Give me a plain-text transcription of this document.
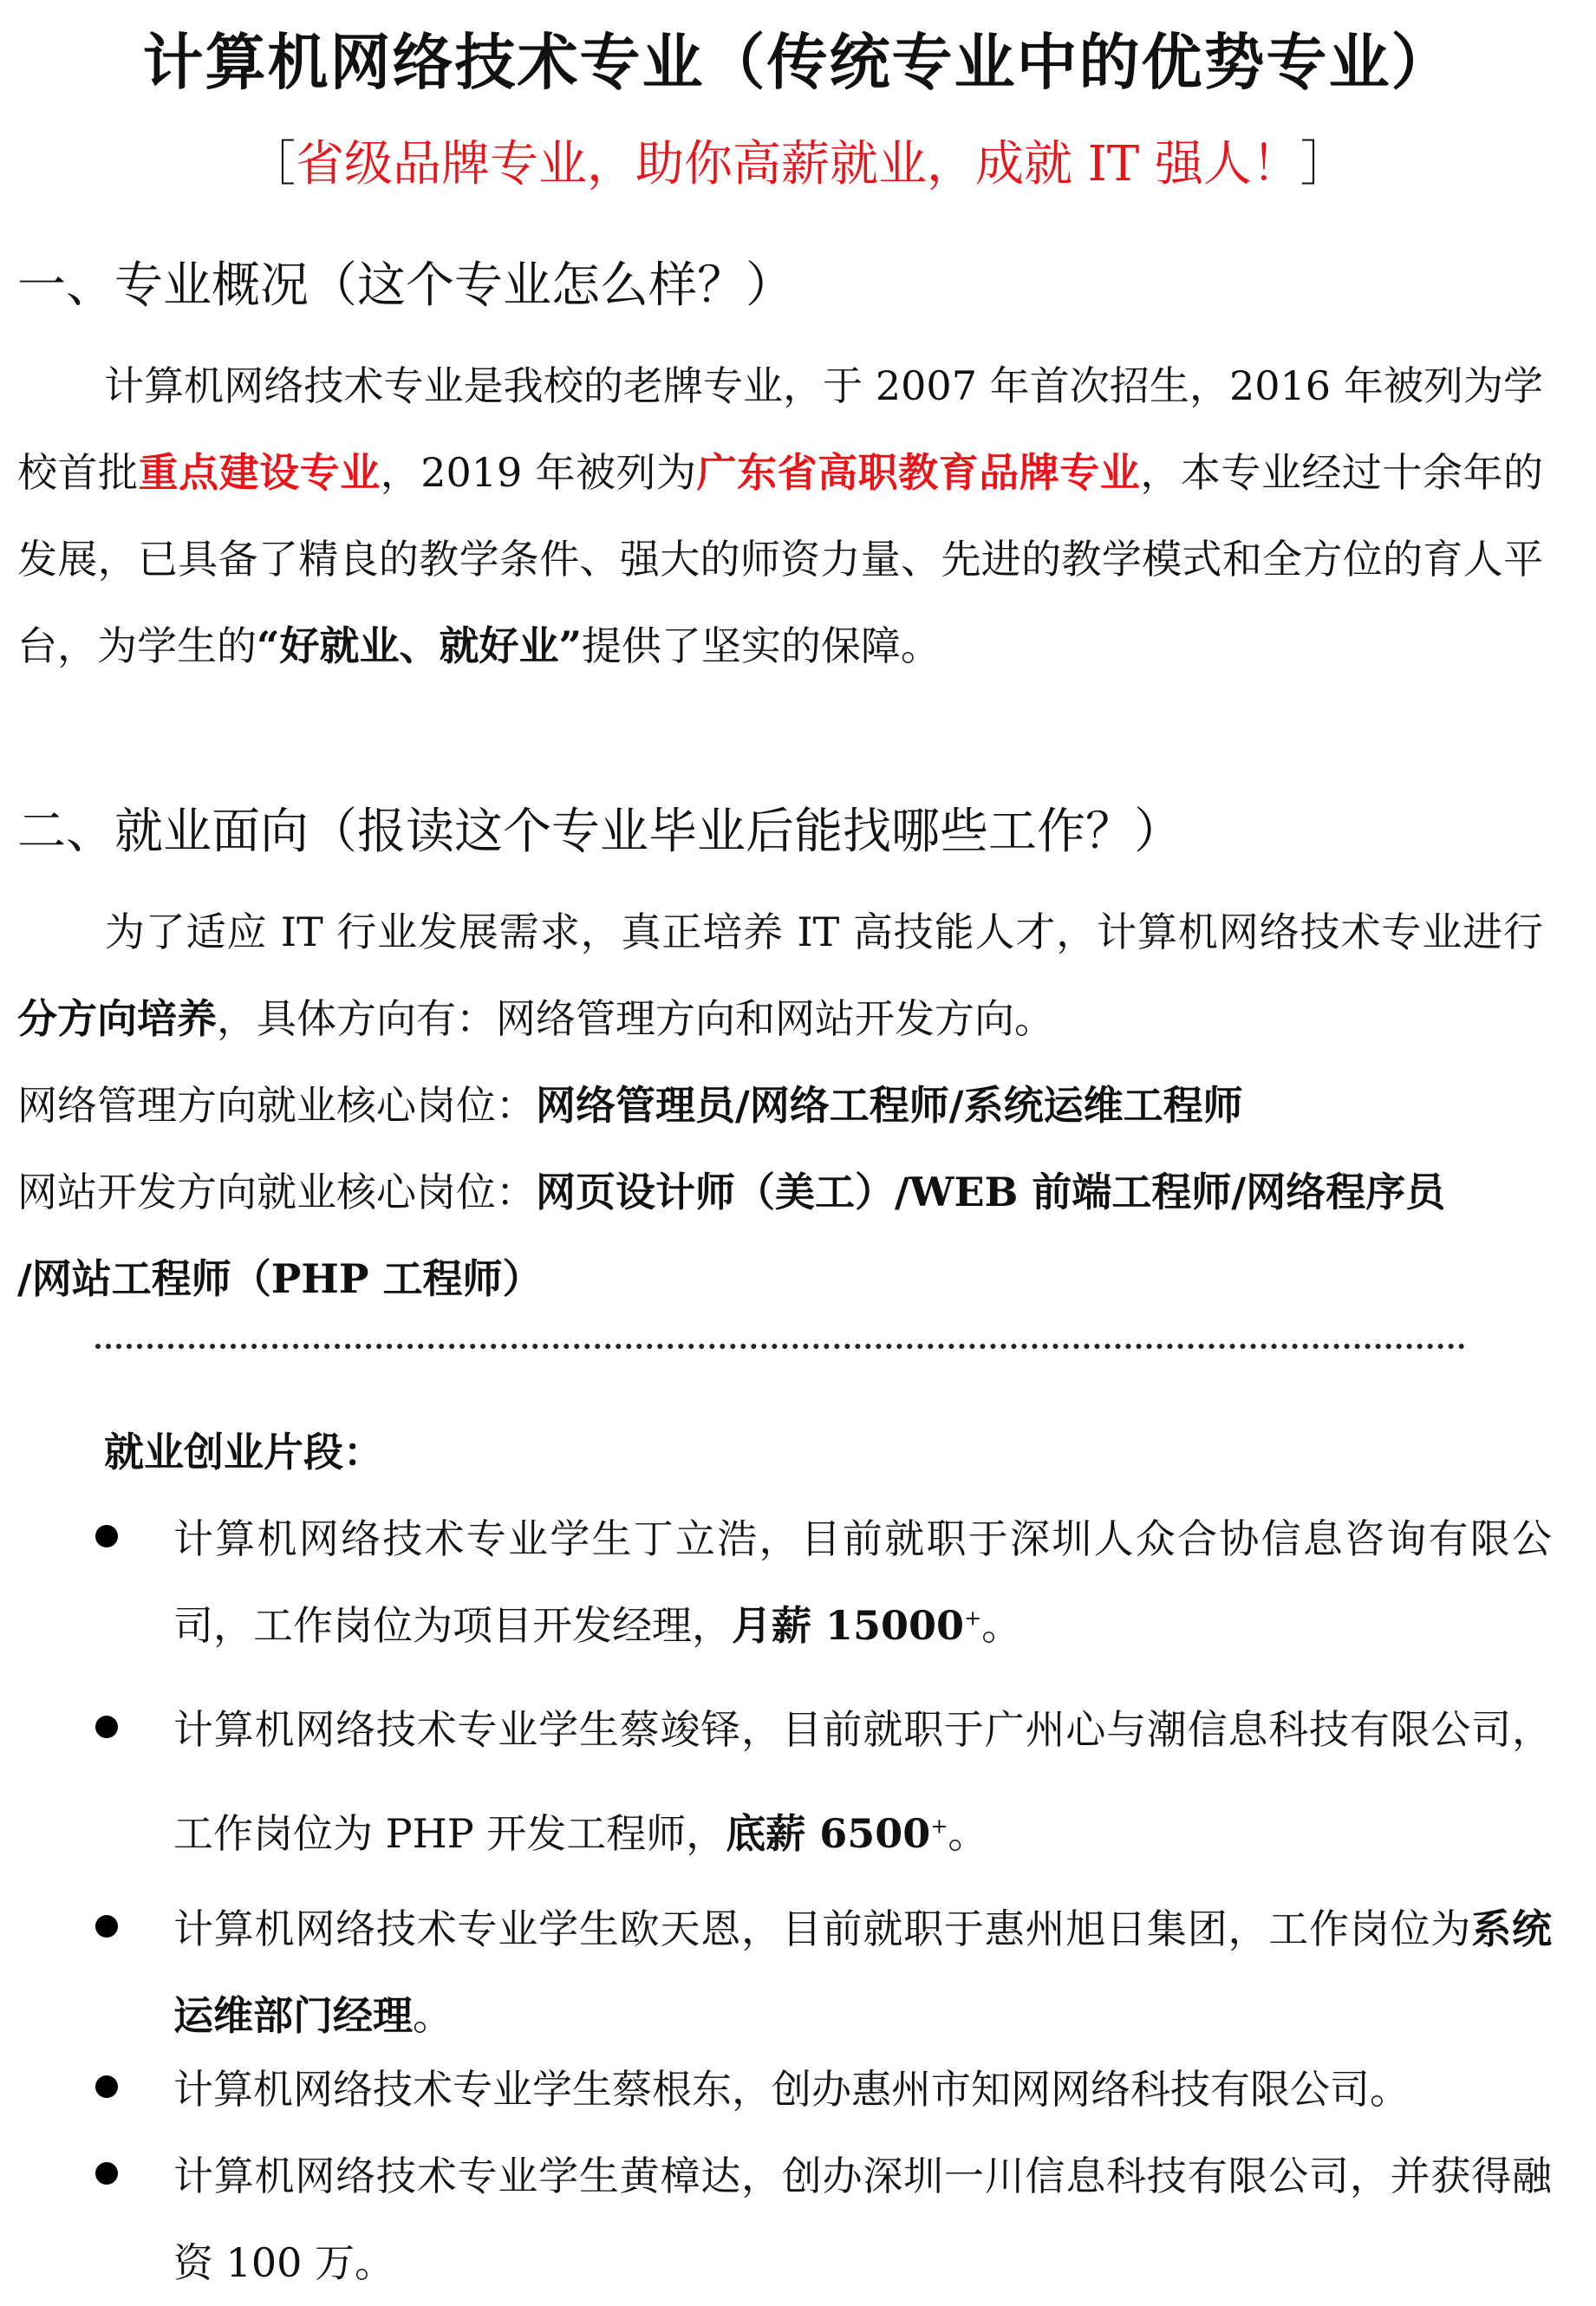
计算机网络技术专业（传统专业中的优势专业）
［省级品牌专业，助你高薪就业，成就 IT 强人！］
一、专业概况（这个专业怎么样？）

计算机网络技术专业是我校的老牌专业，于 2007 年首次招生，2016 年被列为学校首批重点建设专业，2019 年被列为广东省高职教育品牌专业，本专业经过十余年的发展，已具备了精良的教学条件、强大的师资力量、先进的教学模式和全方位的育人平台，为学生的“好就业、就好业”提供了坚实的保障。

二、就业面向（报读这个专业毕业后能找哪些工作？）

为了适应 IT 行业发展需求，真正培养 IT 高技能人才，计算机网络技术专业进行分方向培养，具体方向有：网络管理方向和网站开发方向。

网络管理方向就业核心岗位：网络管理员/网络工程师/系统运维工程师

网站开发方向就业核心岗位：网页设计师（美工）/WEB 前端工程师/网络程序员

/网站工程师（PHP 工程师）

就业创业片段：
计算机网络技术专业学生丁立浩，目前就职于深圳人众合协信息咨询有限公司，工作岗位为项目开发经理，月薪 15000+。
计算机网络技术专业学生蔡竣铎，目前就职于广州心与潮信息科技有限公司，工作岗位为 PHP 开发工程师，底薪 6500+。
计算机网络技术专业学生欧天恩，目前就职于惠州旭日集团，工作岗位为系统运维部门经理。
计算机网络技术专业学生蔡根东，创办惠州市知网网络科技有限公司。
计算机网络技术专业学生黄樟达，创办深圳一川信息科技有限公司，并获得融资 100 万。
